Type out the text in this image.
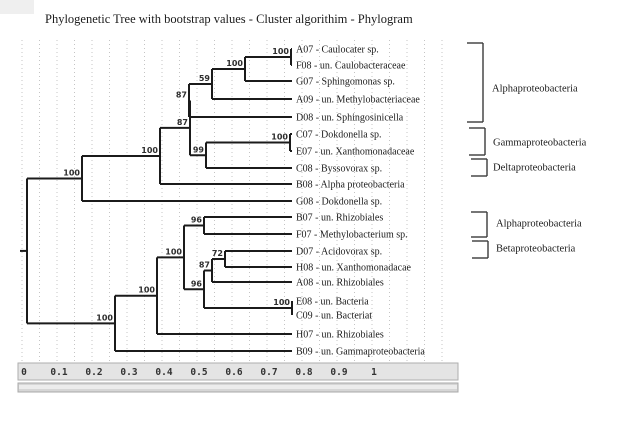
Phylogenetic Tree with bootstrap values - Cluster algorithim - Phylogram
100
100
59
87
100
99
87
100
100
96
72
87
100
96
100
100
100
A07 - Caulocater sp.
F08 - un. Caulobacteraceae
G07 - Sphingomonas sp.
A09 - un. Methylobacteriaceae
D08 - un. Sphingosinicella
C07 - Dokdonella sp.
E07 - un. Xanthomonadaceae
C08 - Byssovorax sp.
B08 - Alpha proteobacteria
G08 - Dokdonella sp.
B07 - un. Rhizobiales
F07 - Methylobacterium sp.
D07 - Acidovorax sp.
H08 - un. Xanthomonadacae
A08 - un. Rhizobiales
E08 - un. Bacteria
C09 - un. Bacteriat
H07 - un. Rhizobiales
B09 - un. Gammaproteobacteria
Alphaproteobacteria
Gammaproteobacteria
Deltaproteobacteria
Alphaproteobacteria
Betaproteobacteria
0 0.1 0.2 0.3 0.4 0.5 0.6 0.7 0.8 0.9 1
